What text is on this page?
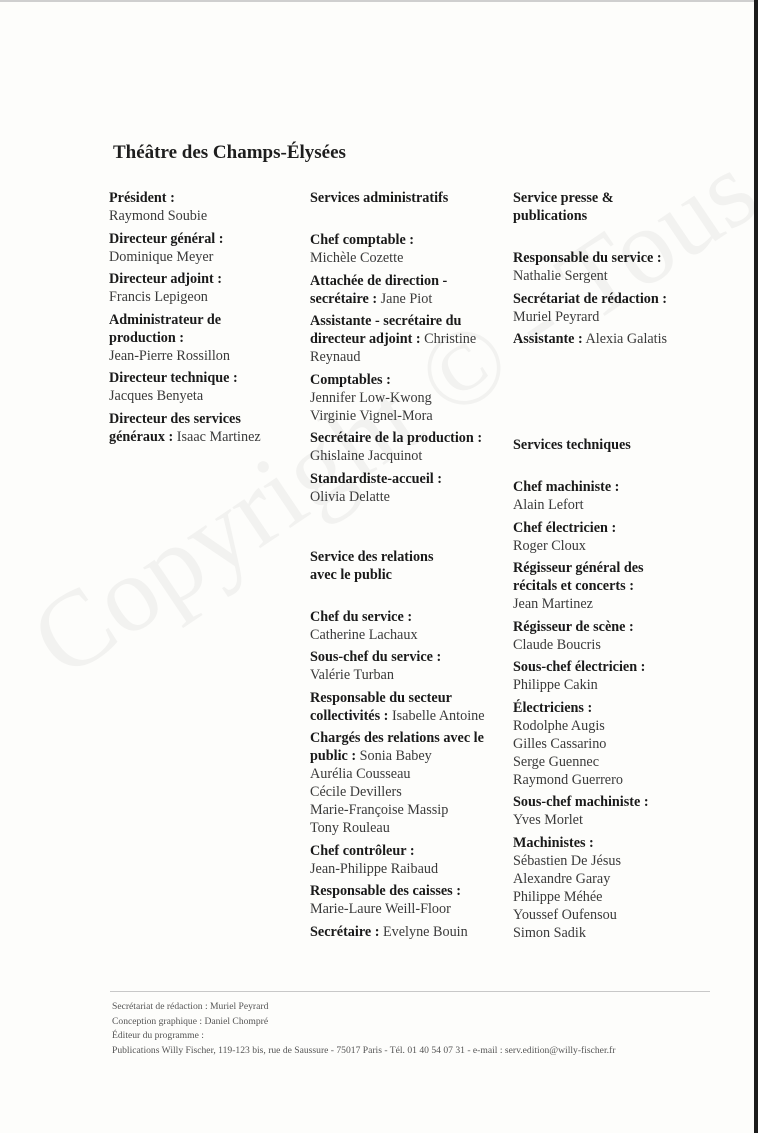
Théâtre des Champs-Élysées
Président :
Raymond Soubie
Directeur général :
Dominique Meyer
Directeur adjoint :
Francis Lepigeon
Administrateur de production :
Jean-Pierre Rossillon
Directeur technique :
Jacques Benyeta
Directeur des services généraux : Isaac Martinez
Services administratifs
Chef comptable :
Michèle Cozette
Attachée de direction - secrétaire : Jane Piot
Assistante - secrétaire du directeur adjoint : Christine Reynaud
Comptables :
Jennifer Low-Kwong
Virginie Vignel-Mora
Secrétaire de la production :
Ghislaine Jacquinot
Standardiste-accueil :
Olivia Delatte
Service des relations avec le public
Chef du service :
Catherine Lachaux
Sous-chef du service :
Valérie Turban
Responsable du secteur collectivités : Isabelle Antoine
Chargés des relations avec le public : Sonia Babey
Aurélia Cousseau
Cécile Devillers
Marie-Françoise Massip
Tony Rouleau
Chef contrôleur :
Jean-Philippe Raibaud
Responsable des caisses :
Marie-Laure Weill-Floor
Secrétaire : Evelyne Bouin
Service presse & publications
Responsable du service :
Nathalie Sergent
Secrétariat de rédaction :
Muriel Peyrard
Assistante : Alexia Galatis
Services techniques
Chef machiniste :
Alain Lefort
Chef électricien :
Roger Cloux
Régisseur général des récitals et concerts :
Jean Martinez
Régisseur de scène :
Claude Boucris
Sous-chef électricien :
Philippe Cakin
Électriciens :
Rodolphe Augis
Gilles Cassarino
Serge Guennec
Raymond Guerrero
Sous-chef machiniste :
Yves Morlet
Machinistes :
Sébastien De Jésus
Alexandre Garay
Philippe Méhée
Youssef Oufensou
Simon Sadik
Secrétariat de rédaction : Muriel Peyrard
Conception graphique : Daniel Chompré
Éditeur du programme :
Publications Willy Fischer, 119-123 bis, rue de Saussure - 75017 Paris - Tél. 01 40 54 07 31 - e-mail : serv.edition@willy-fischer.fr
